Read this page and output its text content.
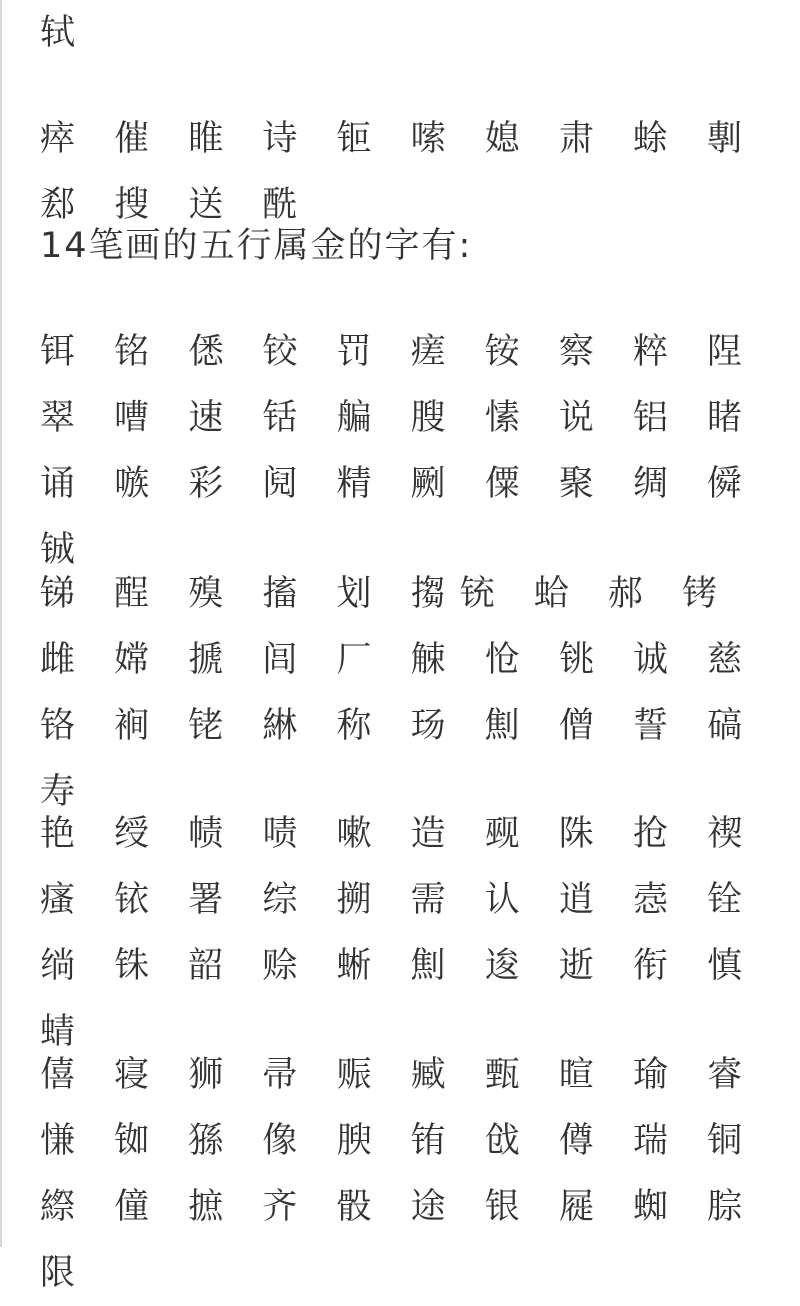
轼

瘁 催 睢 诗 钷 嗦 媳 肃 蜍 剸 郄 搜 送 酰

14笔画的五行属金的字有:

铒 铭 僁 铰 罚 瘥 铵 察 粹 陧 翠 嘈 速 铦 艑 膄 愫 说 铝 睹 诵 嗾 彩 阋 精 劂 僳 聚 绸 僢 铖

锑 酲 殠 搐 划 搊铳 蛤 郝 铐 雌 嫦 搋 闾 厂 觫 怆 铫 诚 慈 铬 裥 铑 綝 称 玚 劁 僧 誓 碻 寿

艳 绶 帻 啧 嗽 造 觋 陎 抢 禊 瘙 铱 署 综 搠 需 认 逍 悫 铨 绱 铢 韶 赊 蜥 劁 逡 逝 衔 慎 蜻

僖 寝 狮 帚 赈 臧 甄 暄 瑜 睿 慊 铷 猻 像 腴 铕 戗 僔 瑞 铜 縩 僮 摭 齐 骰 途 银 屣 蜘 腙 限
